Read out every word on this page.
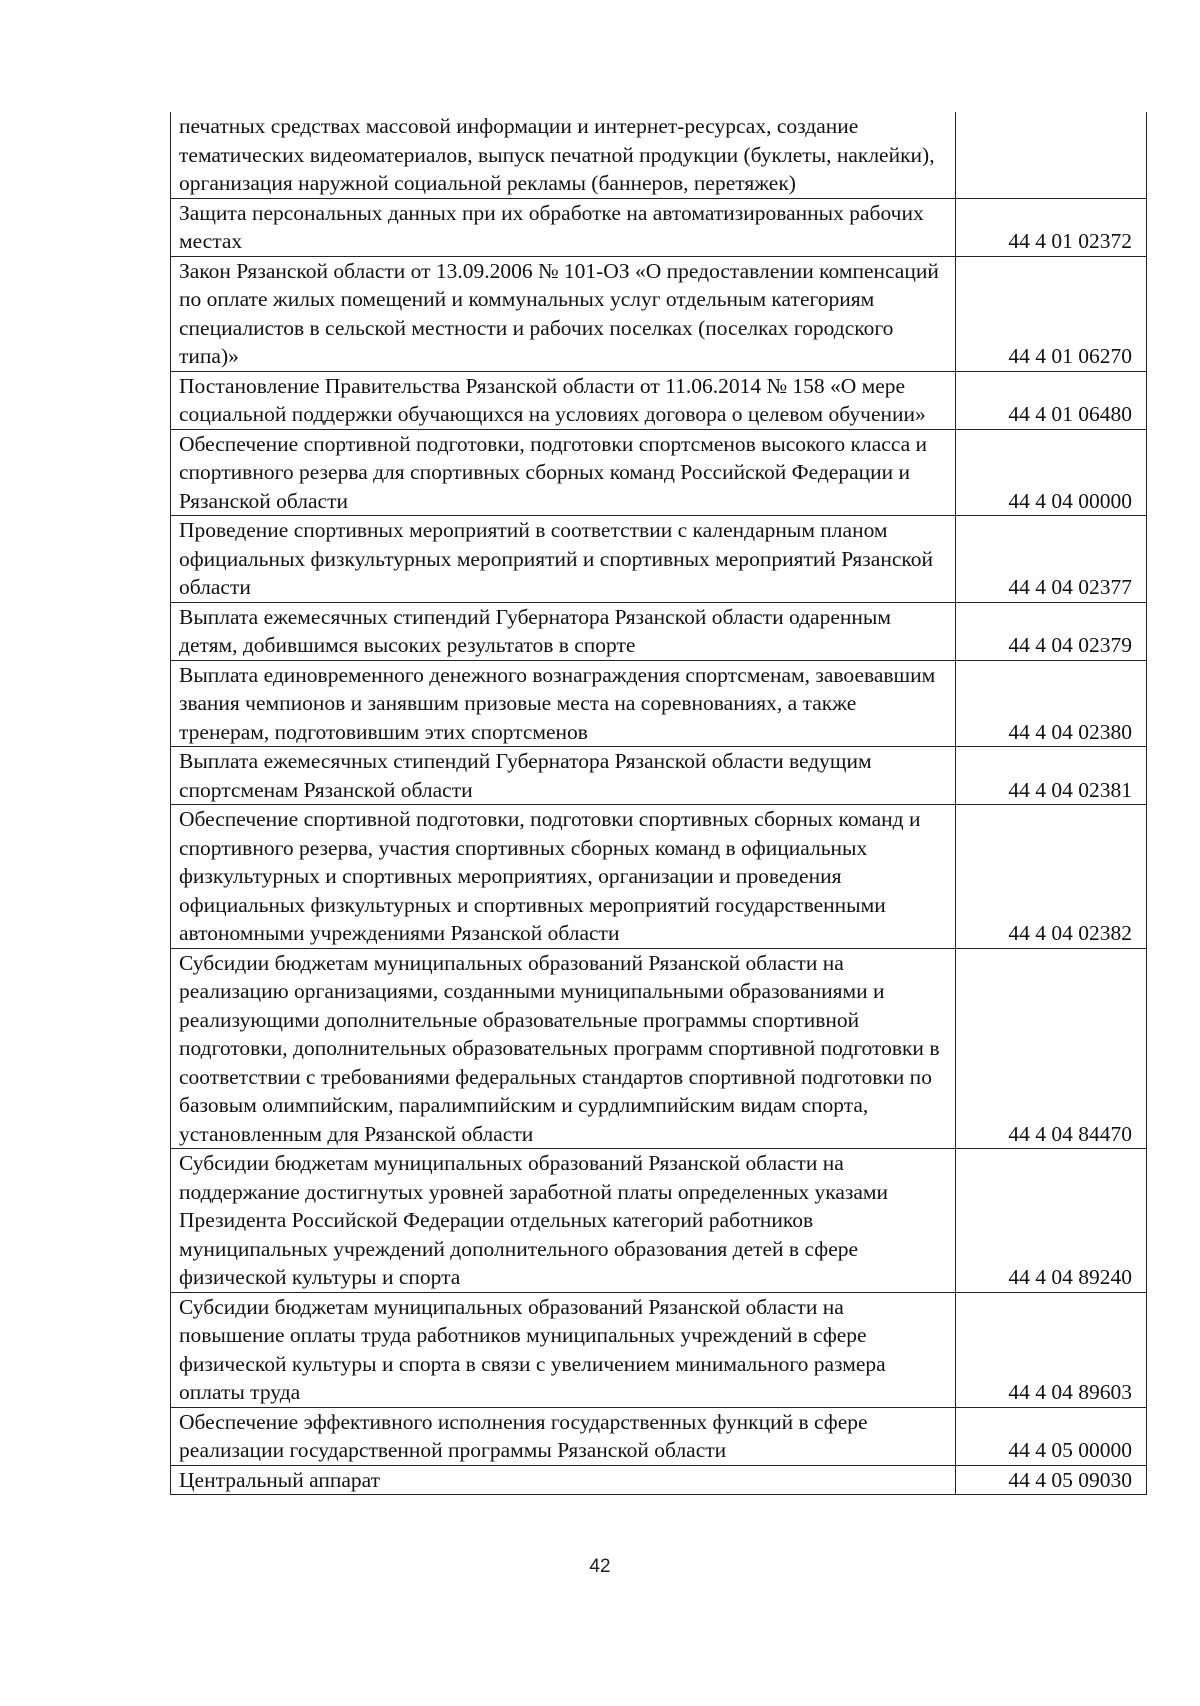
печатных средствах массовой информации и интернет-ресурсах, создание тематических видеоматериалов, выпуск печатной продукции (буклеты, наклейки), организация наружной социальной рекламы (баннеров, перетяжек)	
Защита персональных данных при их обработке на автоматизированных рабочих местах	44 4 01 02372
Закон Рязанской области от 13.09.2006 № 101-ОЗ «О предоставлении компенсаций по оплате жилых помещений и коммунальных услуг отдельным категориям специалистов в сельской местности и рабочих поселках (поселках городского типа)»	44 4 01 06270
Постановление Правительства Рязанской области от 11.06.2014 № 158 «О мере социальной поддержки обучающихся на условиях договора о целевом обучении»	44 4 01 06480
Обеспечение спортивной подготовки, подготовки спортсменов высокого класса и спортивного резерва для спортивных сборных команд Российской Федерации и Рязанской области	44 4 04 00000
Проведение спортивных мероприятий в соответствии с календарным планом официальных физкультурных мероприятий и спортивных мероприятий Рязанской области	44 4 04 02377
Выплата ежемесячных стипендий Губернатора Рязанской области одаренным детям, добившимся высоких результатов в спорте	44 4 04 02379
Выплата единовременного денежного вознаграждения спортсменам, завоевавшим звания чемпионов и занявшим призовые места на соревнованиях, а также тренерам, подготовившим этих спортсменов	44 4 04 02380
Выплата ежемесячных стипендий Губернатора Рязанской области ведущим спортсменам Рязанской области	44 4 04 02381
Обеспечение спортивной подготовки, подготовки спортивных сборных команд и спортивного резерва, участия спортивных сборных команд в официальных физкультурных и спортивных мероприятиях, организации и проведения официальных физкультурных и спортивных мероприятий государственными автономными учреждениями Рязанской области	44 4 04 02382
Субсидии бюджетам муниципальных образований Рязанской области на реализацию организациями, созданными муниципальными образованиями и реализующими дополнительные образовательные программы спортивной подготовки, дополнительных образовательных программ спортивной подготовки в соответствии с требованиями федеральных стандартов спортивной подготовки по базовым олимпийским, паралимпийским и сурдлимпийским видам спорта, установленным для Рязанской области	44 4 04 84470
Субсидии бюджетам муниципальных образований Рязанской области на поддержание достигнутых уровней заработной платы определенных указами Президента Российской Федерации отдельных категорий работников муниципальных учреждений дополнительного образования детей в сфере физической культуры и спорта	44 4 04 89240
Субсидии бюджетам муниципальных образований Рязанской области на повышение оплаты труда работников муниципальных учреждений в сфере физической культуры и спорта в связи с увеличением минимального размера оплаты труда	44 4 04 89603
Обеспечение эффективного исполнения государственных функций в сфере реализации государственной программы Рязанской области	44 4 05 00000
Центральный аппарат	44 4 05 09030
42
